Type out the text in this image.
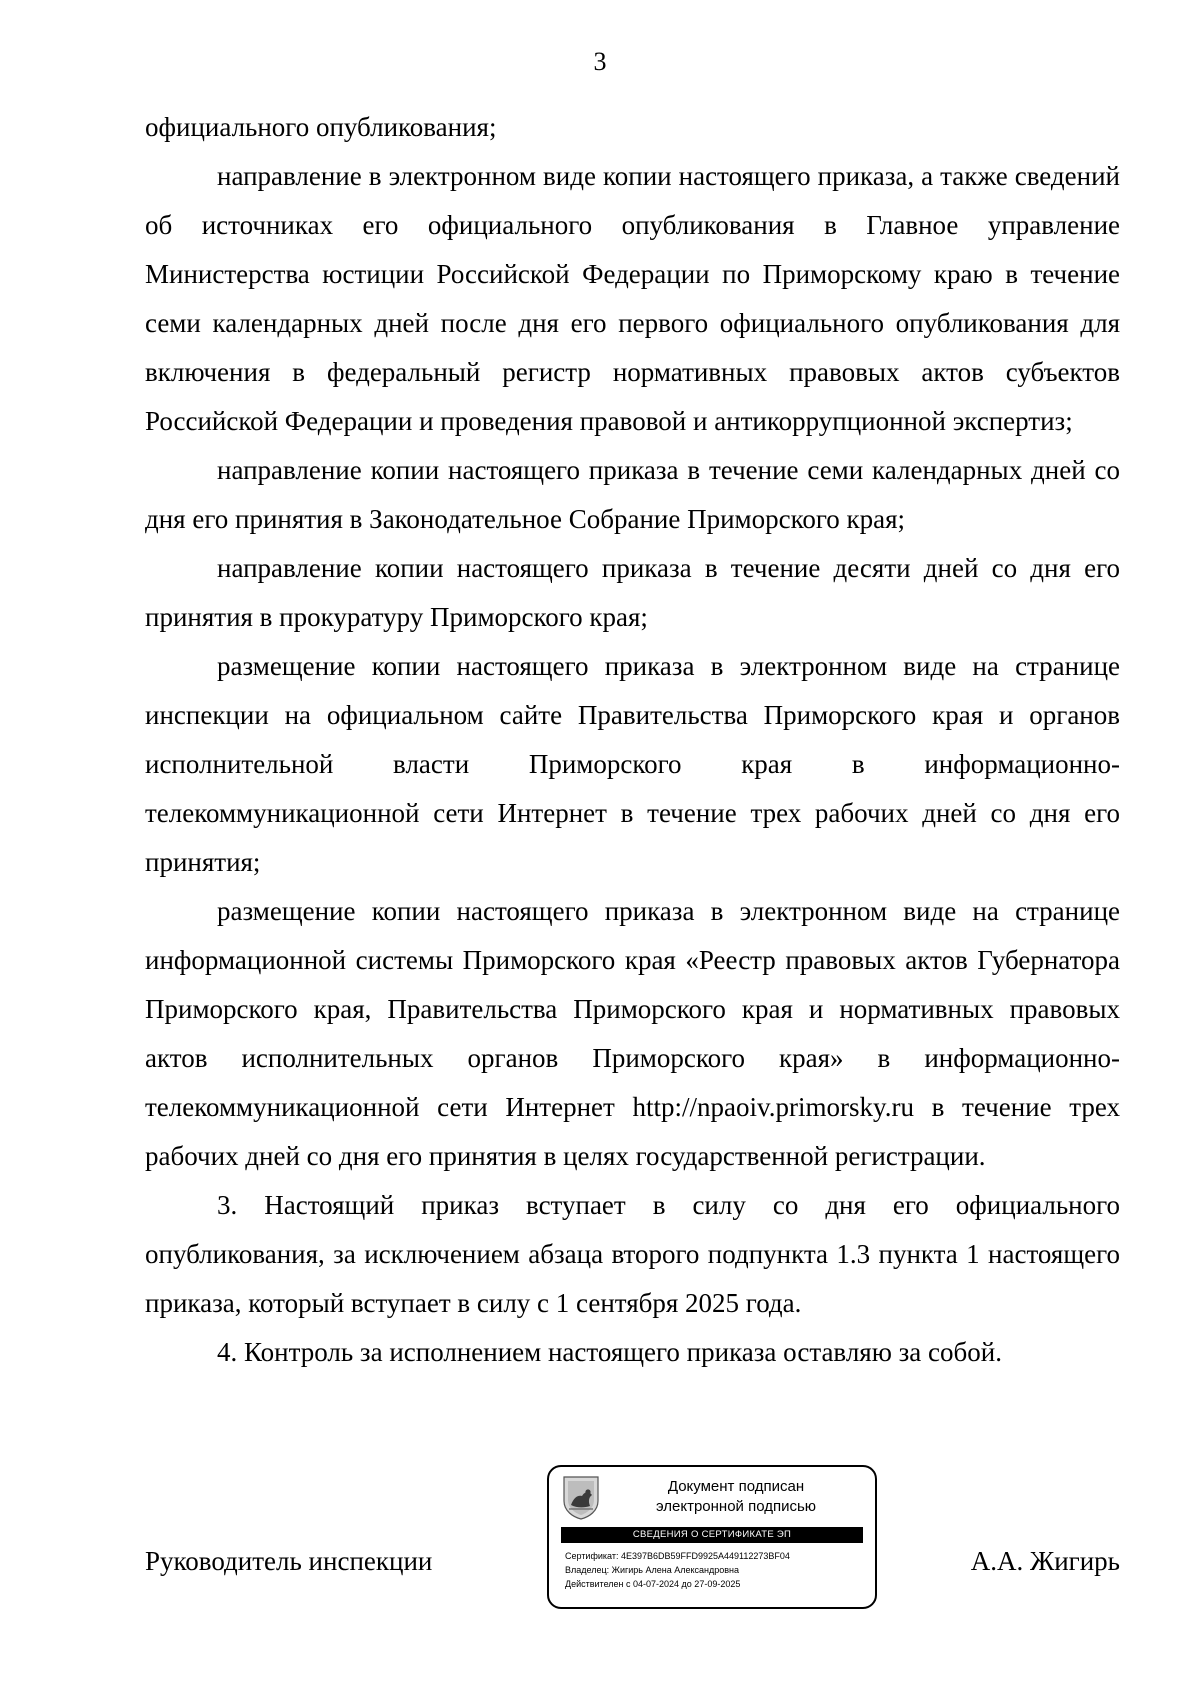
3

официального опубликования;

направление в электронном виде копии настоящего приказа, а также сведений об источниках его официального опубликования в Главное управление Министерства юстиции Российской Федерации по Приморскому краю в течение семи календарных дней после дня его первого официального опубликования для включения в федеральный регистр нормативных правовых актов субъектов Российской Федерации и проведения правовой и антикоррупционной экспертиз;

направление копии настоящего приказа в течение семи календарных дней со дня его принятия в Законодательное Собрание Приморского края;

направление копии настоящего приказа в течение десяти дней со дня его принятия в прокуратуру Приморского края;

размещение копии настоящего приказа в электронном виде на странице инспекции на официальном сайте Правительства Приморского края и органов исполнительной власти Приморского края в информационно-телекоммуникационной сети Интернет в течение трех рабочих дней со дня его принятия;

размещение копии настоящего приказа в электронном виде на странице информационной системы Приморского края «Реестр правовых актов Губернатора Приморского края, Правительства Приморского края и нормативных правовых актов исполнительных органов Приморского края» в информационно-телекоммуникационной сети Интернет http://npaoiv.primorsky.ru в течение трех рабочих дней со дня его принятия в целях государственной регистрации.

3. Настоящий приказ вступает в силу со дня его официального опубликования, за исключением абзаца второго подпункта 1.3 пункта 1 настоящего приказа, который вступает в силу с 1 сентября 2025 года.

4. Контроль за исполнением настоящего приказа оставляю за собой.

Руководитель инспекции
Документ подписан
электронной подписью
СВЕДЕНИЯ О СЕРТИФИКАТЕ ЭП
Сертификат: 4E397B6DB59FFD9925A449112273BF04
Владелец: Жигирь Алена Александровна
Действителен с 04-07-2024 до 27-09-2025
А.А. Жигирь
